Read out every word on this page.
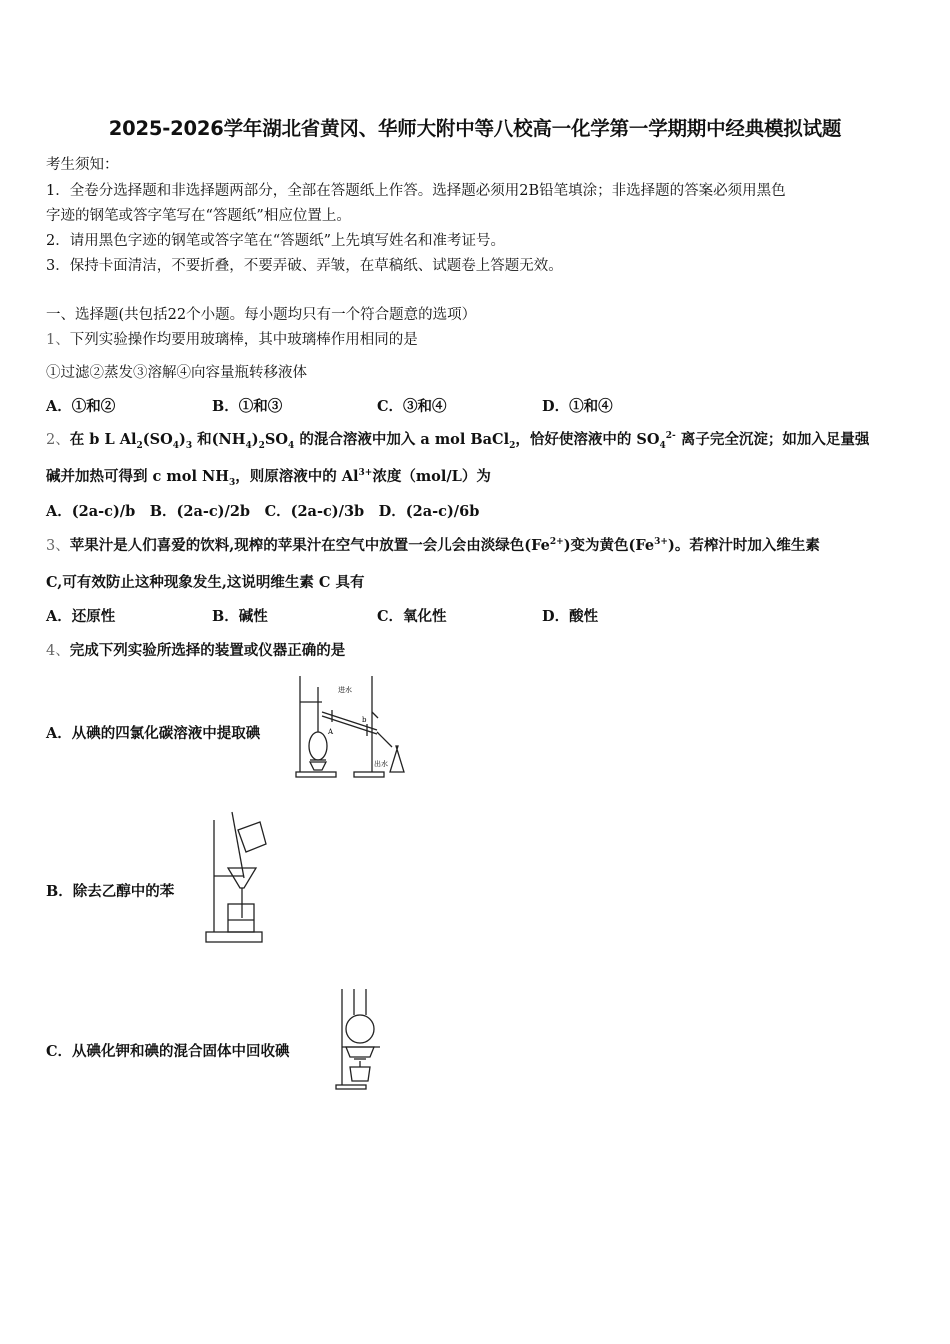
2025-2026学年湖北省黄冈、华师大附中等八校高一化学第一学期期中经典模拟试题
考生须知：
1．全卷分选择题和非选择题两部分，全部在答题纸上作答。选择题必须用2B铅笔填涂；非选择题的答案必须用黑色
字迹的钢笔或答字笔写在“答题纸”相应位置上。
2．请用黑色字迹的钢笔或答字笔在“答题纸”上先填写姓名和准考证号。
3．保持卡面清洁，不要折叠，不要弄破、弄皱，在草稿纸、试题卷上答题无效。
一、选择题(共包括22个小题。每小题均只有一个符合题意的选项）
1、下列实验操作均要用玻璃棒，其中玻璃棒作用相同的是
①过滤②蒸发③溶解④向容量瓶转移液体
A．①和②	B．①和③	C．③和④	D．①和④
2、在 b L $Al_2(SO_4)_3$ 和$(NH_4)_2SO_4$ 的混合溶液中加入 a mol BaCl$_2$，恰好使溶液中的 $SO_4^{2-}$ 离子完全沉淀；如加入足量强
碱并加热可得到 c mol $NH_3$，则原溶液中的 $Al^{3+}$浓度（mol/L）为
A．(2a-c)/b　B．(2a-c)/2b　C．(2a-c)/3b　D．(2a-c)/6b
3、苹果汁是人们喜爱的饮料,现榨的苹果汁在空气中放置一会儿会由淡绿色$(Fe^{2+})$变为黄色$(Fe^{3+})$。若榨汁时加入维生素
C,可有效防止这种现象发生,这说明维生素 C 具有
A．还原性	B．碱性	C．氧化性	D．酸性
4、完成下列实验所选择的装置或仪器正确的是
A．从碘的四氯化碳溶液中提取碘
进水
出水
A
b
B．除去乙醇中的苯
C．从碘化钾和碘的混合固体中回收碘
